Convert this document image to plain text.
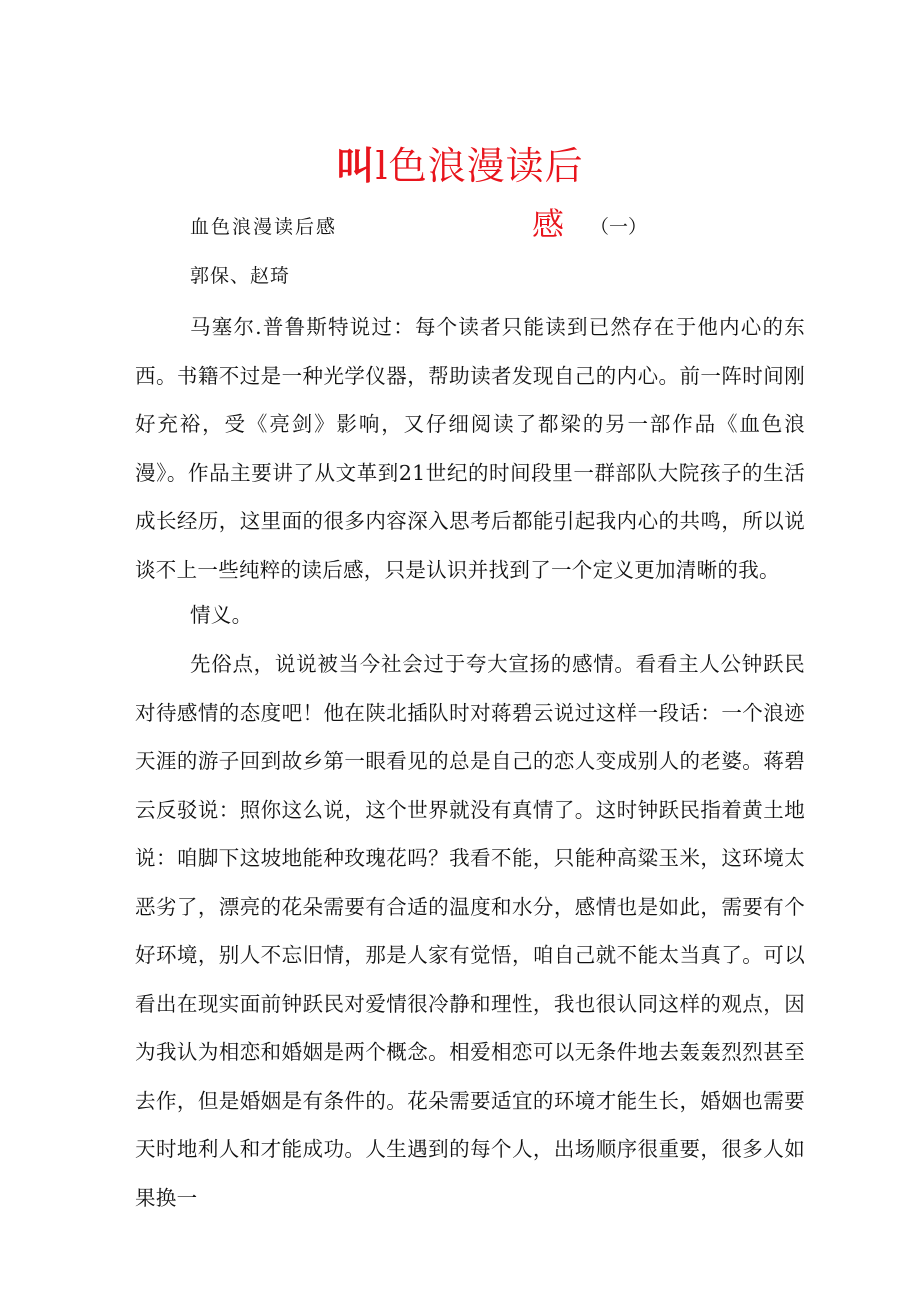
叫l色浪漫读后
血色浪漫读后感	感 （一）
郭保、赵琦

马塞尔.普鲁斯特说过：每个读者只能读到已然存在于他内心的东西。书籍不过是一种光学仪器，帮助读者发现自己的内心。前一阵时间刚好充裕，受《亮剑》影响，又仔细阅读了都梁的另一部作品《血色浪漫》。作品主要讲了从文革到21世纪的时间段里一群部队大院孩子的生活成长经历，这里面的很多内容深入思考后都能引起我内心的共鸣，所以说谈不上一些纯粹的读后感，只是认识并找到了一个定义更加清晰的我。

情义。

先俗点，说说被当今社会过于夸大宣扬的感情。看看主人公钟跃民对待感情的态度吧！他在陕北插队时对蒋碧云说过这样一段话：一个浪迹天涯的游子回到故乡第一眼看见的总是自己的恋人变成别人的老婆。蒋碧云反驳说：照你这么说，这个世界就没有真情了。这时钟跃民指着黄土地说：咱脚下这坡地能种玫瑰花吗？我看不能，只能种高粱玉米，这环境太恶劣了，漂亮的花朵需要有合适的温度和水分，感情也是如此，需要有个好环境，别人不忘旧情，那是人家有觉悟，咱自己就不能太当真了。可以看出在现实面前钟跃民对爱情很冷静和理性，我也很认同这样的观点，因为我认为相恋和婚姻是两个概念。相爱相恋可以无条件地去轰轰烈烈甚至去作，但是婚姻是有条件的。花朵需要适宜的环境才能生长，婚姻也需要天时地利人和才能成功。人生遇到的每个人，出场顺序很重要，很多人如果换一
